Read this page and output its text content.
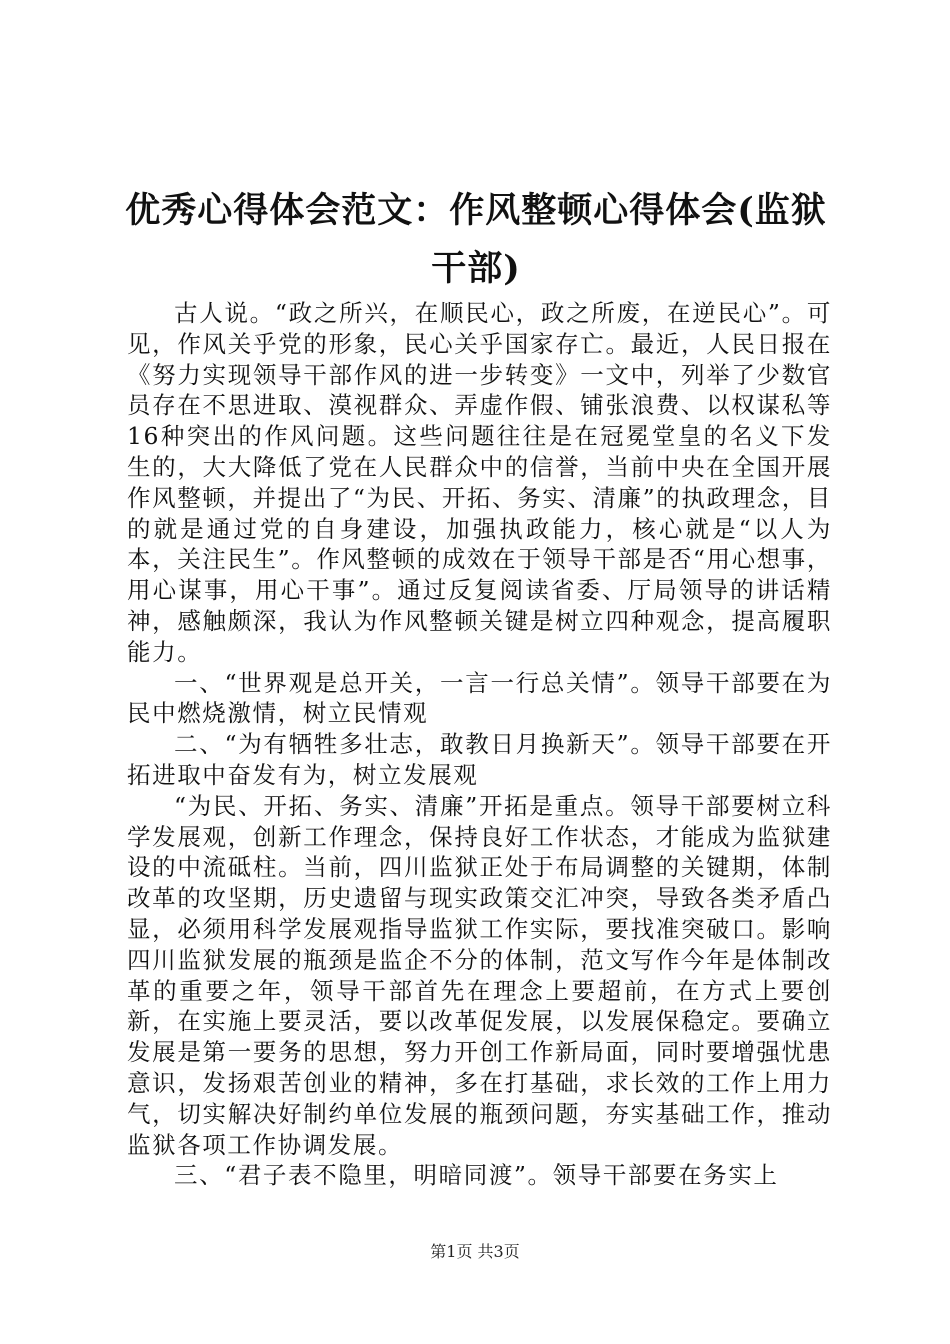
优秀心得体会范文：作风整顿心得体会(监狱干部)

古人说。“政之所兴，在顺民心，政之所废，在逆民心”。可见，作风关乎党的形象，民心关乎国家存亡。最近，人民日报在《努力实现领导干部作风的进一步转变》一文中，列举了少数官员存在不思进取、漠视群众、弄虚作假、铺张浪费、以权谋私等16种突出的作风问题。这些问题往往是在冠冕堂皇的名义下发生的，大大降低了党在人民群众中的信誉，当前中央在全国开展作风整顿，并提出了“为民、开拓、务实、清廉”的执政理念，目的就是通过党的自身建设，加强执政能力，核心就是“以人为本，关注民生”。作风整顿的成效在于领导干部是否“用心想事，用心谋事，用心干事”。通过反复阅读省委、厅局领导的讲话精神，感触颇深，我认为作风整顿关键是树立四种观念，提高履职能力。

一、“世界观是总开关，一言一行总关情”。领导干部要在为民中燃烧激情，树立民情观

二、“为有牺牲多壮志，敢教日月换新天”。领导干部要在开拓进取中奋发有为，树立发展观

“为民、开拓、务实、清廉”开拓是重点。领导干部要树立科学发展观，创新工作理念，保持良好工作状态，才能成为监狱建设的中流砥柱。当前，四川监狱正处于布局调整的关键期，体制改革的攻坚期，历史遗留与现实政策交汇冲突，导致各类矛盾凸显，必须用科学发展观指导监狱工作实际，要找准突破口。影响四川监狱发展的瓶颈是监企不分的体制，范文写作今年是体制改革的重要之年，领导干部首先在理念上要超前，在方式上要创新，在实施上要灵活，要以改革促发展，以发展保稳定。要确立发展是第一要务的思想，努力开创工作新局面，同时要增强忧患意识，发扬艰苦创业的精神，多在打基础，求长效的工作上用力气，切实解决好制约单位发展的瓶颈问题，夯实基础工作，推动监狱各项工作协调发展。

三、“君子表不隐里，明暗同渡”。领导干部要在务实上

第1页 共3页
